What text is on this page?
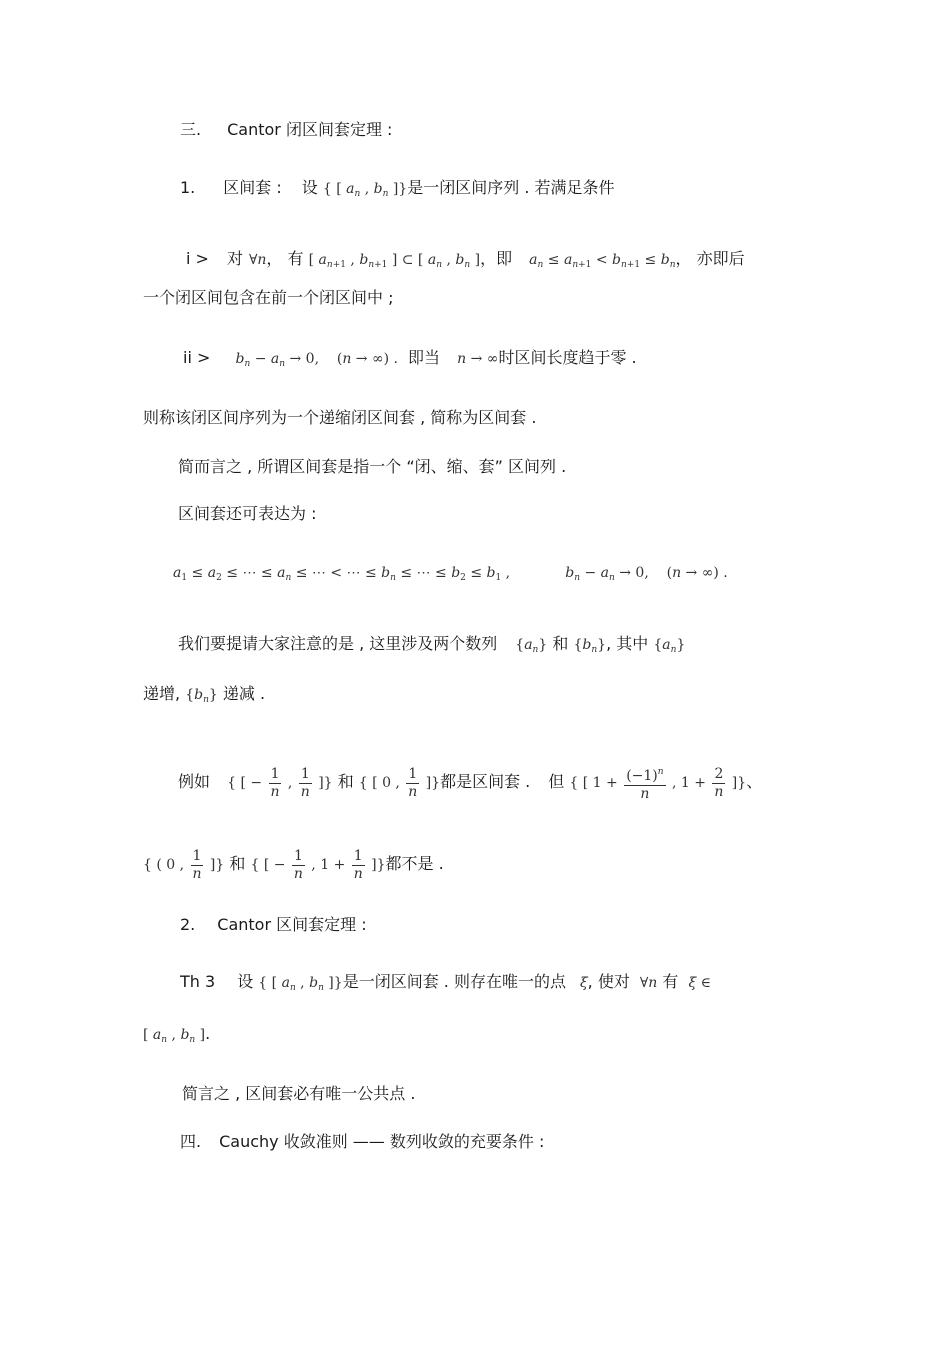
三. Cantor 闭区间套定理 :
1. 区间套 : 设 { [ $a_n$ , $b_n$ ]}是一闭区间序列 . 若满足条件
i > 对 ∀n， 有 [ $a_{n+1}$ , $b_{n+1}$ ] ⊂ [ $a_n$ , $b_n$ ]，即 $a_n \le a_{n+1} < b_{n+1} \le b_n$， 亦即后
一个闭区间包含在前一个闭区间中 ;
ii > $b_n - a_n \to 0$,    (n → ∞) . 即当 n → ∞时区间长度趋于零 .
则称该闭区间序列为一个递缩闭区间套 , 简称为区间套 .
简而言之 , 所谓区间套是指一个 “闭、缩、套” 区间列 .
区间套还可表达为 :
$a_1 \le a_2$ ≤ ⋯ ≤ $a_n$ ≤ ⋯ < ⋯ ≤ $b_n$ ≤ ⋯ ≤ $b_2 \le b_1$ ,	$b_n - a_n \to 0$,    (n → ∞) .
我们要提请大家注意的是 , 这里涉及两个数列 $\{a_n\}$ 和 $\{b_n\}$, 其中 $\{a_n\}$
递增, $\{b_n\}$ 递减 .
例如 { [ − $\frac{1}{n}$ , $\frac{1}{n}$ ]} 和 { [ 0 , $\frac{1}{n}$ ]}都是区间套 . 但 { [ $1 + \frac{(-1)^n}{n}$ , $1 + \frac{2}{n}$ ]}、
{ ( 0 , $\frac{1}{n}$ ]} 和 { [ − $\frac{1}{n}$ , $1 + \frac{1}{n}$ ]}都不是 .
2. Cantor 区间套定理 :
Th 3 设 { [ $a_n$ , $b_n$ ]}是一闭区间套 . 则存在唯一的点 ξ, 使对 ∀n 有 ξ ∈
[ $a_n$ , $b_n$ ].
简言之 , 区间套必有唯一公共点 .
四. Cauchy 收敛准则 —— 数列收敛的充要条件 :
